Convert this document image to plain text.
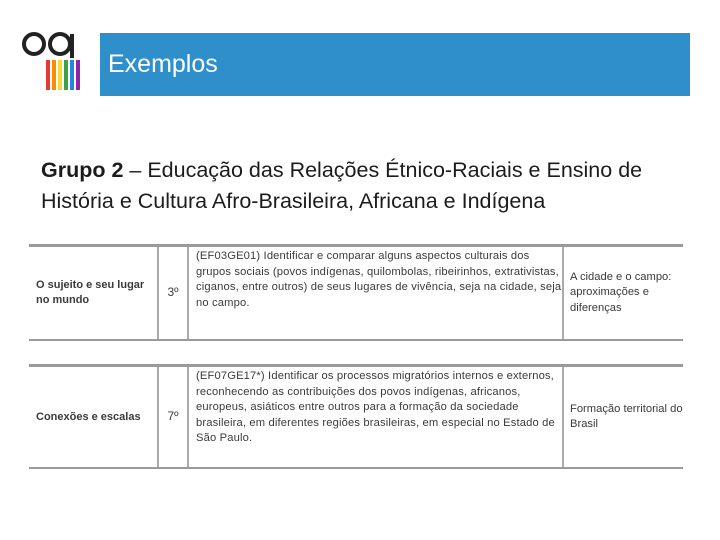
Exemplos
Grupo 2 – Educação das Relações Étnico-Raciais e Ensino de História e Cultura Afro-Brasileira, Africana e Indígena
O sujeito e seu lugar no mundo
3º
(EF03GE01) Identificar e comparar alguns aspectos culturais dos grupos sociais (povos indígenas, quilombolas, ribeirinhos, extrativistas, ciganos, entre outros) de seus lugares de vivência, seja na cidade, seja no campo.
A cidade e o campo: aproximações e diferenças
Conexões e escalas	7º
(EF07GE17*) Identificar os processos migratórios internos e externos, reconhecendo as contribuições dos povos indígenas, africanos, europeus, asiáticos entre outros para a formação da sociedade brasileira, em diferentes regiões brasileiras, em especial no Estado de São Paulo.
Formação territorial do Brasil
